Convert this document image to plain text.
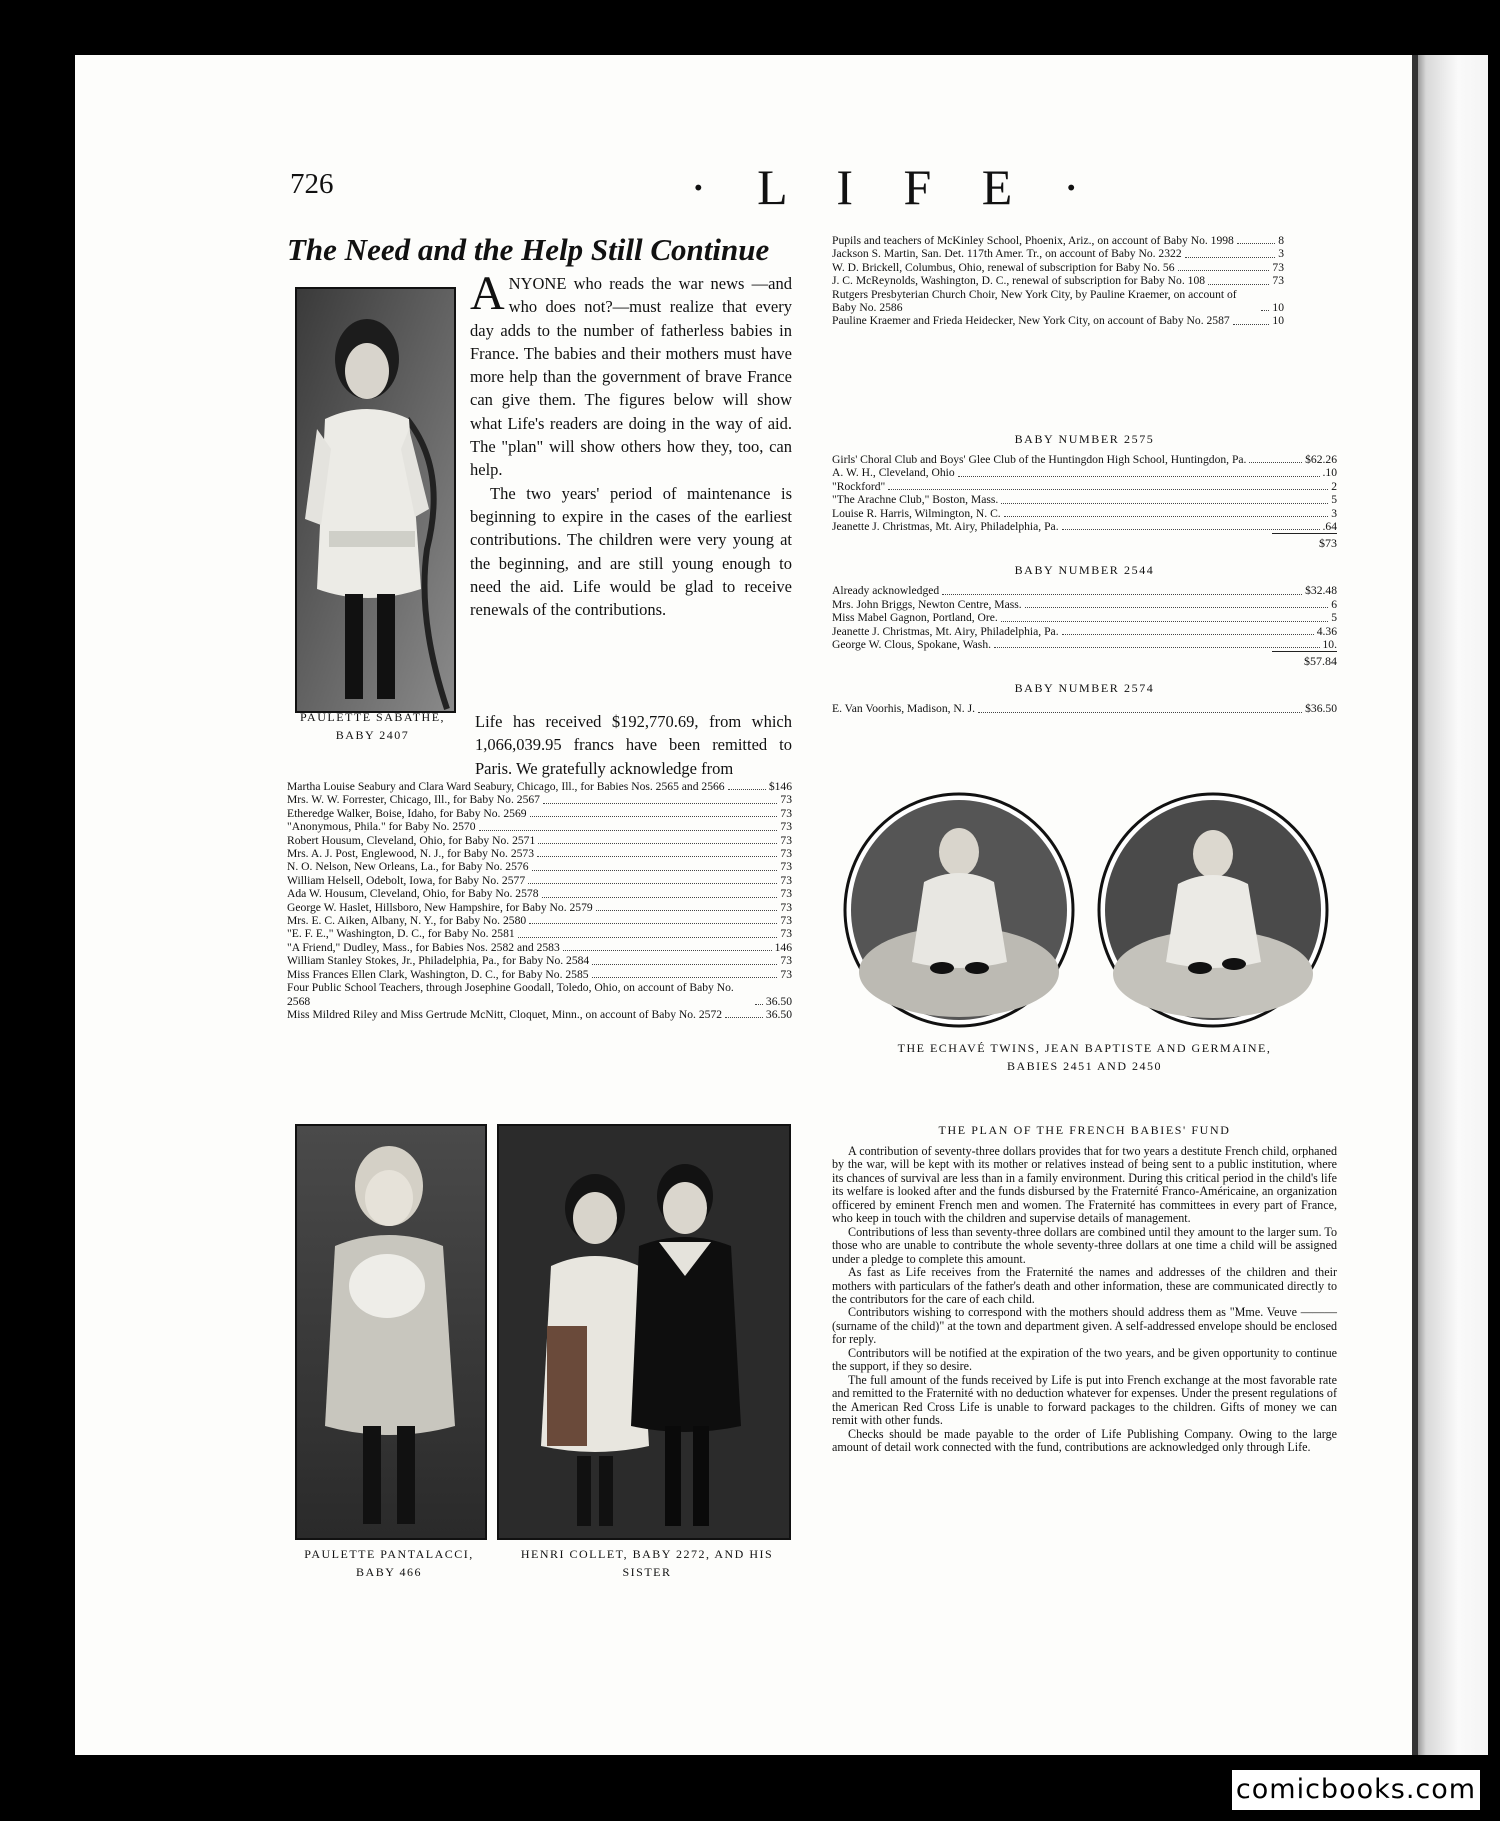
726	· L I F E ·
The Need and the Help Still Continue
PAULETTE SABATHÉ,
BABY 2407

ANYONE who reads the war news —and who does not?—must realize that every day adds to the number of fatherless babies in France. The babies and their mothers must have more help than the government of brave France can give them. The figures below will show what Life's readers are doing in the way of aid. The "plan" will show others how they, too, can help.

The two years' period of maintenance is beginning to expire in the cases of the earliest contributions. The children were very young at the beginning, and are still young enough to need the aid. Life would be glad to receive renewals of the contributions.

Life has received $192,770.69, from which 1,066,039.95 francs have been remitted to Paris. We gratefully acknowledge from

Martha Louise Seabury and Clara Ward Seabury, Chicago, Ill., for Babies Nos. 2565 and 2566	$146
Mrs. W. W. Forrester, Chicago, Ill., for Baby No. 2567	73
Etheredge Walker, Boise, Idaho, for Baby No. 2569	73
"Anonymous, Phila." for Baby No. 2570	73
Robert Housum, Cleveland, Ohio, for Baby No. 2571	73
Mrs. A. J. Post, Englewood, N. J., for Baby No. 2573	73
N. O. Nelson, New Orleans, La., for Baby No. 2576	73
William Helsell, Odebolt, Iowa, for Baby No. 2577	73
Ada W. Housum, Cleveland, Ohio, for Baby No. 2578	73
George W. Haslet, Hillsboro, New Hampshire, for Baby No. 2579	73
Mrs. E. C. Aiken, Albany, N. Y., for Baby No. 2580	73
"E. F. E.," Washington, D. C., for Baby No. 2581	73
"A Friend," Dudley, Mass., for Babies Nos. 2582 and 2583	146
William Stanley Stokes, Jr., Philadelphia, Pa., for Baby No. 2584	73
Miss Frances Ellen Clark, Washington, D. C., for Baby No. 2585	73
Four Public School Teachers, through Josephine Goodall, Toledo, Ohio, on account of Baby No. 2568	36.50
Miss Mildred Riley and Miss Gertrude McNitt, Cloquet, Minn., on account of Baby No. 2572	36.50
Pupils and teachers of McKinley School, Phoenix, Ariz., on account of Baby No. 1998	8
Jackson S. Martin, San. Det. 117th Amer. Tr., on account of Baby No. 2322	3
W. D. Brickell, Columbus, Ohio, renewal of subscription for Baby No. 56	73
J. C. McReynolds, Washington, D. C., renewal of subscription for Baby No. 108	73
Rutgers Presbyterian Church Choir, New York City, by Pauline Kraemer, on account of Baby No. 2586	10
Pauline Kraemer and Frieda Heidecker, New York City, on account of Baby No. 2587	10
BABY NUMBER 2575
Girls' Choral Club and Boys' Glee Club of the Huntingdon High School, Huntingdon, Pa.	$62.26
A. W. H., Cleveland, Ohio	.10
"Rockford"	2
"The Arachne Club," Boston, Mass.	5
Louise R. Harris, Wilmington, N. C.	3
Jeanette J. Christmas, Mt. Airy, Philadelphia, Pa.	.64
$73
BABY NUMBER 2544
Already acknowledged	$32.48
Mrs. John Briggs, Newton Centre, Mass.	6
Miss Mabel Gagnon, Portland, Ore.	5
Jeanette J. Christmas, Mt. Airy, Philadelphia, Pa.	4.36
George W. Clous, Spokane, Wash.	10.
$57.84
BABY NUMBER 2574
E. Van Voorhis, Madison, N. J.	$36.50
THE ECHAVÉ TWINS, JEAN BAPTISTE AND GERMAINE,
BABIES 2451 AND 2450
PAULETTE PANTALACCI,
BABY 466
HENRI COLLET, BABY 2272, AND HIS
SISTER
THE PLAN OF THE FRENCH BABIES' FUND

A contribution of seventy-three dollars provides that for two years a destitute French child, orphaned by the war, will be kept with its mother or relatives instead of being sent to a public institution, where its chances of survival are less than in a family environment. During this critical period in the child's life its welfare is looked after and the funds disbursed by the Fraternité Franco-Américaine, an organization officered by eminent French men and women. The Fraternité has committees in every part of France, who keep in touch with the children and supervise details of management.

Contributions of less than seventy-three dollars are combined until they amount to the larger sum. To those who are unable to contribute the whole seventy-three dollars at one time a child will be assigned under a pledge to complete this amount.

As fast as Life receives from the Fraternité the names and addresses of the children and their mothers with particulars of the father's death and other information, these are communicated directly to the contributors for the care of each child.

Contributors wishing to correspond with the mothers should address them as "Mme. Veuve ——— (surname of the child)" at the town and department given. A self-addressed envelope should be enclosed for reply.

Contributors will be notified at the expiration of the two years, and be given opportunity to continue the support, if they so desire.

The full amount of the funds received by Life is put into French exchange at the most favorable rate and remitted to the Fraternité with no deduction whatever for expenses. Under the present regulations of the American Red Cross Life is unable to forward packages to the children. Gifts of money we can remit with other funds.

Checks should be made payable to the order of Life Publishing Company. Owing to the large amount of detail work connected with the fund, contributions are acknowledged only through Life.

comicbooks.com
